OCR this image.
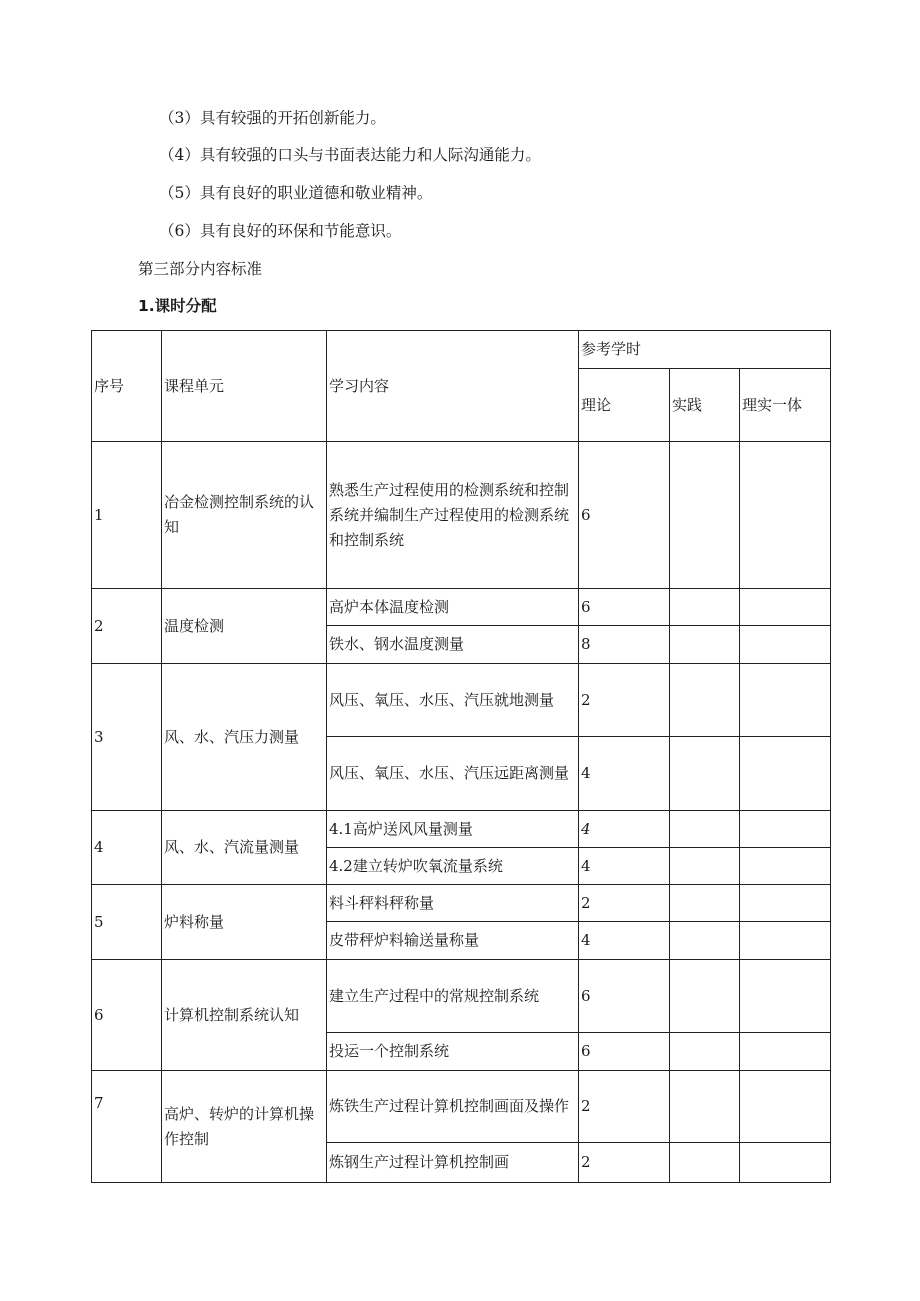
（3）具有较强的开拓创新能力。
（4）具有较强的口头与书面表达能力和人际沟通能力。
（5）具有良好的职业道德和敬业精神。
（6）具有良好的环保和节能意识。
第三部分内容标准
1.课时分配
序号	课程单元	学习内容	参考学时		
			理论	实践	理实一体
1	冶金检测控制系统的认知	熟悉生产过程使用的检测系统和控制系统并编制生产过程使用的检测系统和控制系统	6		
2	温度检测	高炉本体温度检测	6		
		铁水、钢水温度测量	8		
3	风、水、汽压力测量	风压、氧压、水压、汽压就地测量	2		
		风压、氧压、水压、汽压远距离测量	4		
4	风、水、汽流量测量	4.1高炉送风风量测量	4		
		4.2建立转炉吹氧流量系统	4		
5	炉料称量	料斗秤料秤称量	2		
		皮带秤炉料输送量称量	4		
6	计算机控制系统认知	建立生产过程中的常规控制系统	6		
		投运一个控制系统	6		
7	高炉、转炉的计算机操作控制	炼铁生产过程计算机控制画面及操作	2		
		炼钢生产过程计算机控制画	2		
